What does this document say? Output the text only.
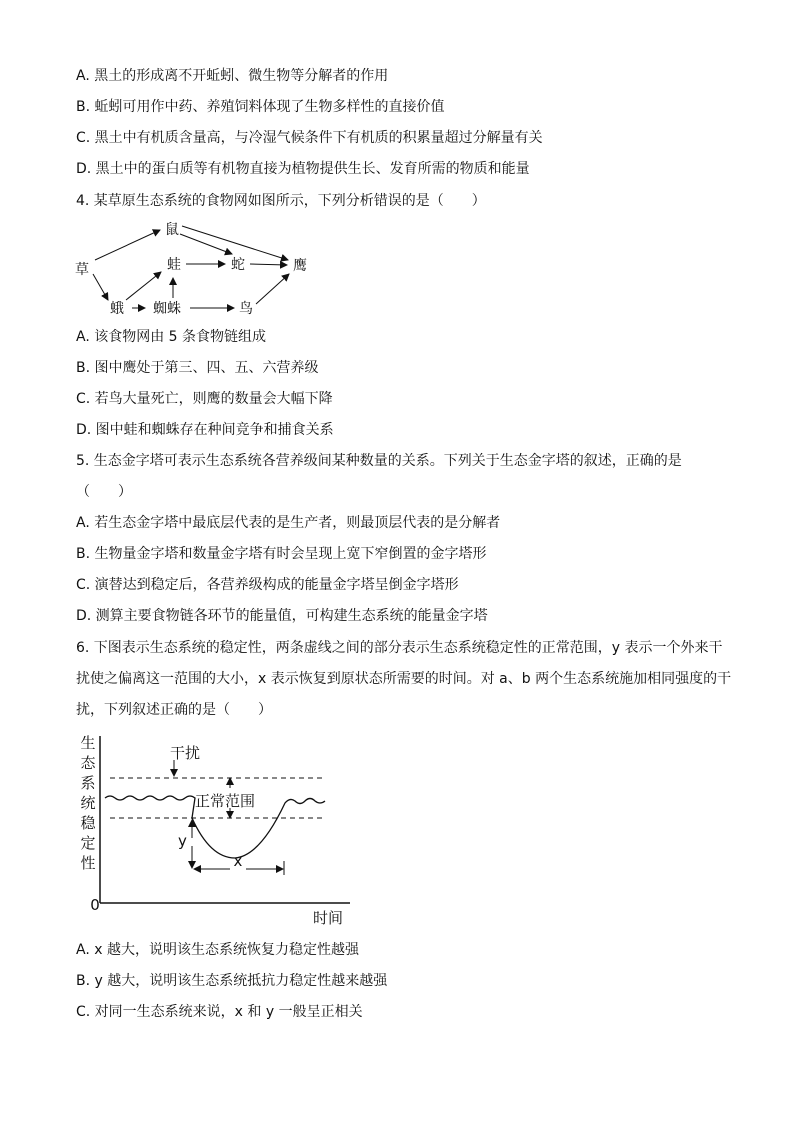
A. 黑土的形成离不开蚯蚓、微生物等分解者的作用
B. 蚯蚓可用作中药、养殖饲料体现了生物多样性的直接价值
C. 黑土中有机质含量高，与冷湿气候条件下有机质的积累量超过分解量有关
D. 黑土中的蛋白质等有机物直接为植物提供生长、发育所需的物质和能量
4. 某草原生态系统的食物网如图所示，下列分析错误的是（　　）
草
鼠
蛙	蛇	鹰
蛾 蜘蛛	鸟
A. 该食物网由 5 条食物链组成
B. 图中鹰处于第三、四、五、六营养级
C. 若鸟大量死亡，则鹰的数量会大幅下降
D. 图中蛙和蜘蛛存在种间竞争和捕食关系
5. 生态金字塔可表示生态系统各营养级间某种数量的关系。下列关于生态金字塔的叙述，正确的是
（　　）
A. 若生态金字塔中最底层代表的是生产者，则最顶层代表的是分解者
B. 生物量金字塔和数量金字塔有时会呈现上宽下窄倒置的金字塔形
C. 演替达到稳定后，各营养级构成的能量金字塔呈倒金字塔形
D. 测算主要食物链各环节的能量值，可构建生态系统的能量金字塔
6. 下图表示生态系统的稳定性，两条虚线之间的部分表示生态系统稳定性的正常范围，y 表示一个外来干
扰使之偏离这一范围的大小，x 表示恢复到原状态所需要的时间。对 a、b 两个生态系统施加相同强度的干
扰，下列叙述正确的是（　　）
生
态
系
统
稳
定
性
0
时间
干扰
正常范围
y
x
A. x 越大，说明该生态系统恢复力稳定性越强
B. y 越大，说明该生态系统抵抗力稳定性越来越强
C. 对同一生态系统来说，x 和 y 一般呈正相关
